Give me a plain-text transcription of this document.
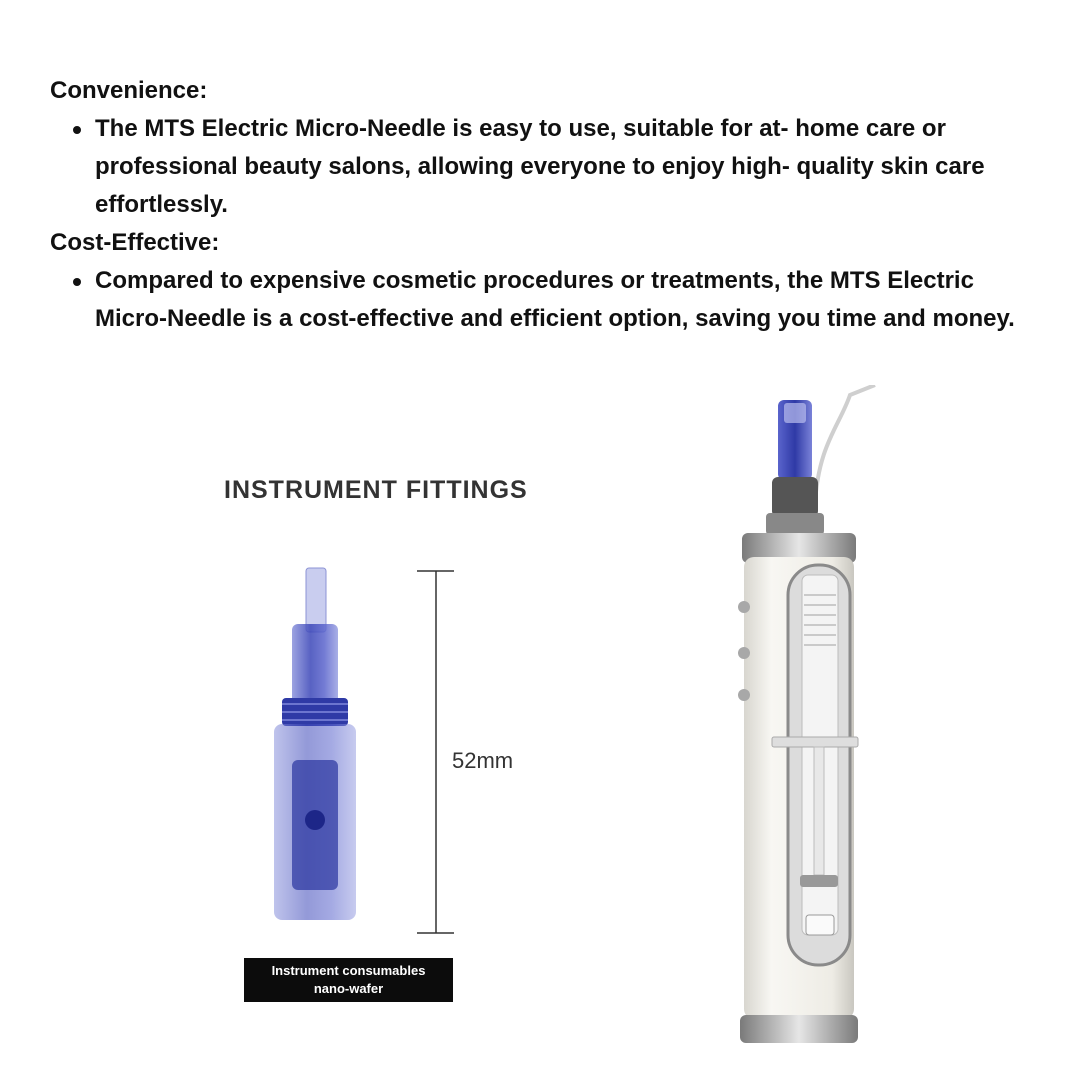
Convenience:
The MTS Electric Micro-Needle is easy to use, suitable for at- home care or professional beauty salons, allowing everyone to enjoy high- quality skin care effortlessly.
Cost-Effective:
Compared to expensive cosmetic procedures or treatments, the MTS Electric Micro-Needle is a cost-effective and efficient option, saving you time and money.
INSTRUMENT FITTINGS
52mm
Instrument consumables
nano-wafer
